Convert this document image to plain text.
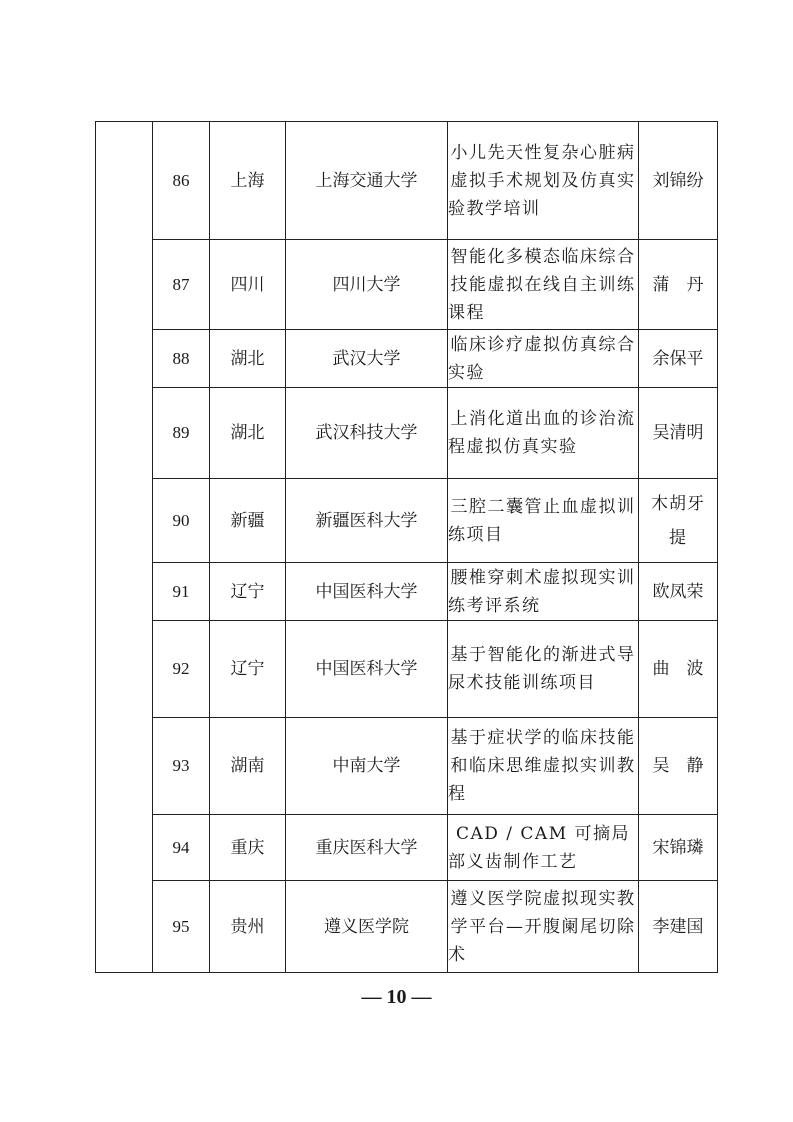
	86	上海	上海交通大学	小儿先天性复杂心脏病虚拟手术规划及仿真实验教学培训	刘锦纷
	87	四川	四川大学	智能化多模态临床综合技能虚拟在线自主训练课程	蒲　丹
	88	湖北	武汉大学	临床诊疗虚拟仿真综合实验	余保平
	89	湖北	武汉科技大学	上消化道出血的诊治流程虚拟仿真实验	吴清明
	90	新疆	新疆医科大学	三腔二囊管止血虚拟训练项目	木胡牙提

	91	辽宁	中国医科大学	腰椎穿刺术虚拟现实训练考评系统	欧凤荣
	92	辽宁	中国医科大学	基于智能化的渐进式导尿术技能训练项目	曲　波
	93	湖南	中南大学	基于症状学的临床技能和临床思维虚拟实训教程	吴　静
	94	重庆	重庆医科大学	CAD / CAM 可摘局部义齿制作工艺	宋锦璘
	95	贵州	遵义医学院	遵义医学院虚拟现实教学平台—开腹阑尾切除术	李建国
— 10 —
